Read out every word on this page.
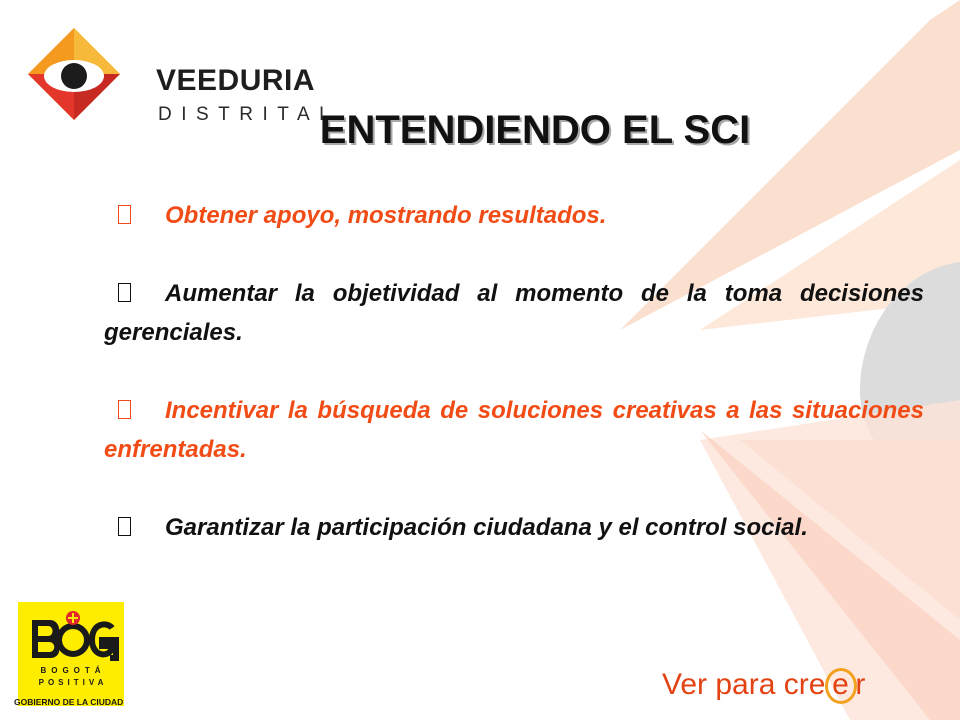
VEEDURIA
DISTRITAL
ENTENDIENDO EL SCI
Obtener apoyo, mostrando resultados.
Aumentar la objetividad al momento de la toma decisiones gerenciales.
Incentivar la búsqueda de soluciones creativas a las situaciones enfrentadas.
Garantizar la participación ciudadana y el control social.
BOGOTÁ
POSITIVA
GOBIERNO DE LA CIUDAD
Ver para cre e r
